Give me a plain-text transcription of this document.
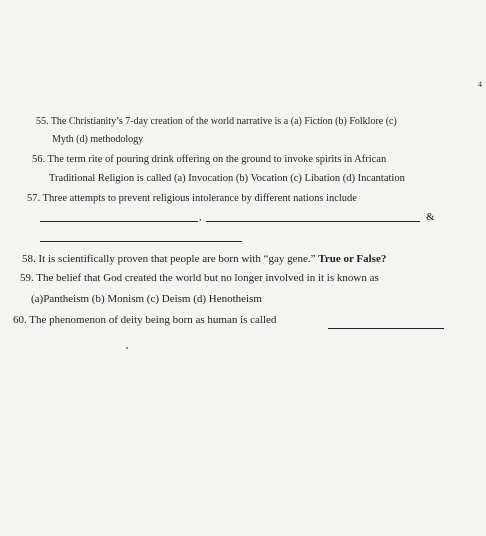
4
55. The Christianity’s 7-day creation of the world narrative is a (a) Fiction (b) Folklore (c)
Myth (d) methodology
56. The term rite of pouring drink offering on the ground to invoke spirits in African
Traditional Religion is called (a) Invocation (b) Vocation (c) Libation (d) Incantation
57. Three attempts to prevent religious intolerance by different nations include
,	&
58. It is scientifically proven that people are born with “gay gene.” True or False?
59. The belief that God created the world but no longer involved in it is known as
(a)Pantheism (b) Monism (c) Deism (d) Henotheism
60. The phenomenon of deity being born as human is called
